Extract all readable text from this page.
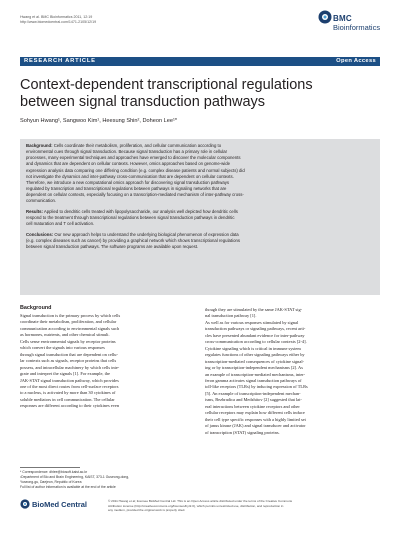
Hwang et al. BMC Bioinformatics 2011, 12:19
http://www.biomedcentral.com/1471-2105/12/19	BMC
Bioinformatics
RESEARCH ARTICLE	Open Access
Context-dependent transcriptional regulations
between signal transduction pathways
Sohyun Hwang¹, Sangwoo Kim¹, Heesung Shin², Doheon Lee¹*
Background: Cells coordinate their metabolism, proliferation, and cellular communication according to
environmental cues through signal transduction. Because signal transduction has a primary role in cellular
processes, many experimental techniques and approaches have emerged to discover the molecular components
and dynamics that are dependent on cellular contexts. However, omics approaches based on genome-wide
expression analysis data comparing one differing condition (e.g. complex disease patients and normal subjects) did
not investigate the dynamics and inter-pathway cross-communication that are dependent on cellular contexts.
Therefore, we introduce a new computational omics approach for discovering signal transduction pathways
regulated by transcription and transcriptional regulations between pathways in signaling networks that are
dependent on cellular contexts, especially focusing on a transcription-mediated mechanism of inter-pathway cross-
communication.
Results: Applied to dendritic cells treated with lipopolysaccharide, our analysis well depicted how dendritic cells
respond to the treatment through transcriptional regulations between signal transduction pathways in dendritic
cell maturation and T cell activation.
Conclusions: Our new approach helps to understand the underlying biological phenomenon of expression data
(e.g. complex diseases such as cancer) by providing a graphical network which shows transcriptional regulations
between signal transduction pathways. The software programs are available upon request.
Background
Signal transduction is the primary process by which cells
coordinate their metabolism, proliferation, and cellular
communication according to environmental signals such
as hormones, nutrients, and other chemical stimuli.
Cells sense environmental signals by receptor proteins
which convert the signals into various responses
through signal transduction that are dependent on cellu-
lar contexts such as signals, receptor proteins that cells
possess, and intracellular machinery by which cells inte-
grate and interpret the signals [1]. For example, the
JAK-STAT signal transduction pathway, which provides
one of the most direct routes from cell-surface receptors
to a nucleus, is activated by more than 30 cytokines of
soluble mediators in cell communication. The cellular
responses are different according to their cytokines even
though they are stimulated by the same JAK-STAT sig-
nal transduction pathway [1].
As well as for various responses stimulated by signal
transduction pathways or signaling pathways, recent arti-
cles have presented abundant evidence for inter-pathway
cross-communication according to cellular contexts [2-4].
Cytokine signaling which is critical in immune system
regulates functions of other signaling pathways either by
transcription-mediated consequences of cytokine signal-
ing or by transcription-independent mechanisms [2]. As
an example of transcription-mediated mechanisms, inter-
feron gamma activates signal transduction pathways of
toll-like receptors (TLRs) by inducing expression of TLRs
[5]. An example of transcription-independent mechan-
isms, Bezbradica and Medzhitov [2] suggested that lat-
eral interactions between cytokine receptors and other
cellular receptors may explain how different cells induce
their cell type specific responses with a highly limited set
of janus kinase (JAK) and signal transducer and activator
of transcription (STAT) signaling proteins.
* Correspondence: dhlee@biosoft.kaist.ac.kr
¹Department of Bio and Brain Engineering, KAIST, 373-1 Guseong-dong,
Yuseong-gu, Daejeon, Republic of Korea
Full list of author information is available at the end of the article
BioMed Central	© 2011 Hwang et al; licensee BioMed Central Ltd. This is an Open Access article distributed under the terms of the Creative Commons
Attribution License (http://creativecommons.org/licenses/by/2.0), which permits unrestricted use, distribution, and reproduction in
any medium, provided the original work is properly cited.
